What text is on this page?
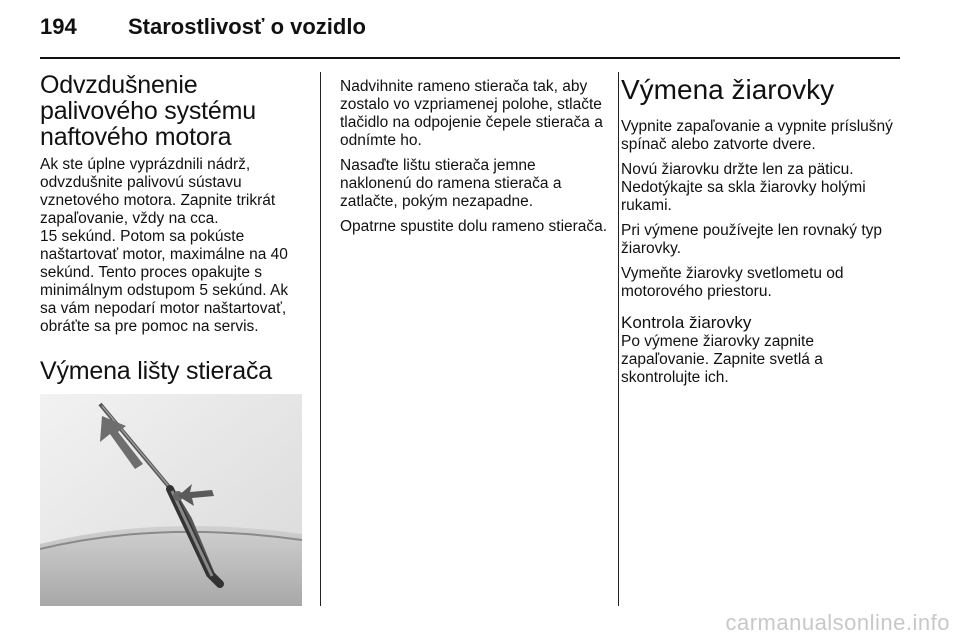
194 Starostlivosť o vozidlo
Odvzdušnenie palivového systému naftového motora

Ak ste úplne vyprázdnili nádrž, odvzdušnite palivovú sústavu vznetového motora. Zapnite trikrát zapaľovanie, vždy na cca.

15 sekúnd. Potom sa pokúste naštartovať motor, maximálne na 40 sekúnd. Tento proces opakujte s minimálnym odstupom 5 sekúnd. Ak sa vám nepodarí motor naštartovať, obráťte sa pre pomoc na servis.

Výmena lišty stierača

Nadvihnite rameno stierača tak, aby zostalo vo vzpriamenej polohe, stlačte tlačidlo na odpojenie čepele stierača a odnímte ho.

Nasaďte lištu stierača jemne naklonenú do ramena stierača a zatlačte, pokým nezapadne.

Opatrne spustite dolu rameno stierača.

Výmena žiarovky

Vypnite zapaľovanie a vypnite príslušný spínač alebo zatvorte dvere.

Novú žiarovku držte len za päticu. Nedotýkajte sa skla žiarovky holými rukami.

Pri výmene používejte len rovnaký typ žiarovky.

Vymeňte žiarovky svetlometu od motorového priestoru.

Kontrola žiarovky

Po výmene žiarovky zapnite zapaľovanie. Zapnite svetlá a skontrolujte ich.

carmanualsonline.info
